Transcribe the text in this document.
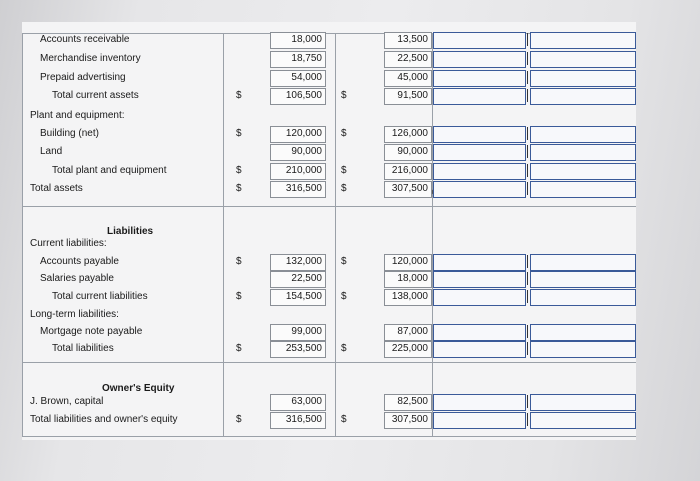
Liabilities
Owner's Equity
Accounts receivable	18,000	13,500
Merchandise inventory	18,750	22,500
Prepaid advertising	54,000	45,000
Total current assets	$	106,500 $	91,500
Plant and equipment:
Building (net)	$	120,000 $	126,000
Land	90,000	90,000
Total plant and equipment	$	210,000 $	216,000
Total assets	$	316,500 $	307,500
Current liabilities:
Accounts payable	$	132,000 $	120,000
Salaries payable	22,500	18,000
Total current liabilities	$	154,500 $	138,000
Long-term liabilities:
Mortgage note payable	99,000	87,000
Total liabilities	$	253,500 $	225,000
J. Brown, capital	63,000	82,500
Total liabilities and owner's equity	$	316,500 $	307,500
